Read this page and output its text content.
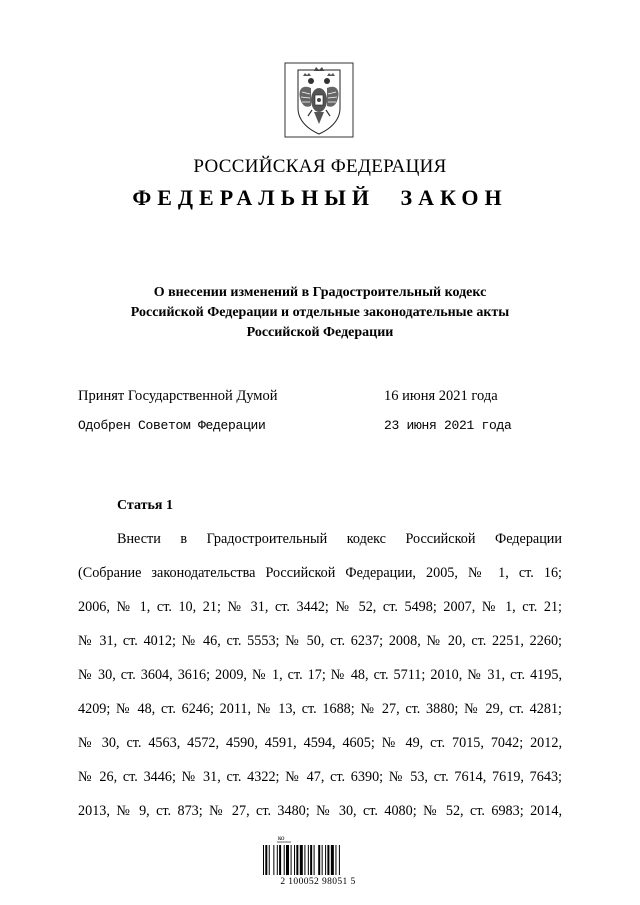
РОССИЙСКАЯ ФЕДЕРАЦИЯ
ФЕДЕРАЛЬНЫЙ ЗАКОН
О внесении изменений в Градостроительный кодекс
Российской Федерации и отдельные законодательные акты
Российской Федерации
Принят Государственной Думой	16 июня 2021 года
Одобрен Советом Федерации	23 июня 2021 года
Статья 1
Внести в Градостроительный кодекс Российской Федерации
(Собрание законодательства Российской Федерации, 2005, № 1, ст. 16;
2006, № 1, ст. 10, 21; № 31, ст. 3442; № 52, ст. 5498; 2007, № 1, ст. 21;
№ 31, ст. 4012; № 46, ст. 5553; № 50, ст. 6237; 2008, № 20, ст. 2251, 2260;
№ 30, ст. 3604, 3616; 2009, № 1, ст. 17; № 48, ст. 5711; 2010, № 31, ст. 4195,
4209; № 48, ст. 6246; 2011, № 13, ст. 1688; № 27, ст. 3880; № 29, ст. 4281;
№ 30, ст. 4563, 4572, 4590, 4591, 4594, 4605; № 49, ст. 7015, 7042; 2012,
№ 26, ст. 3446; № 31, ст. 4322; № 47, ст. 6390; № 53, ст. 7614, 7619, 7643;
2013, № 9, ст. 873; № 27, ст. 3480; № 30, ст. 4080; № 52, ст. 6983; 2014,
ко
2 100052 98051 5
